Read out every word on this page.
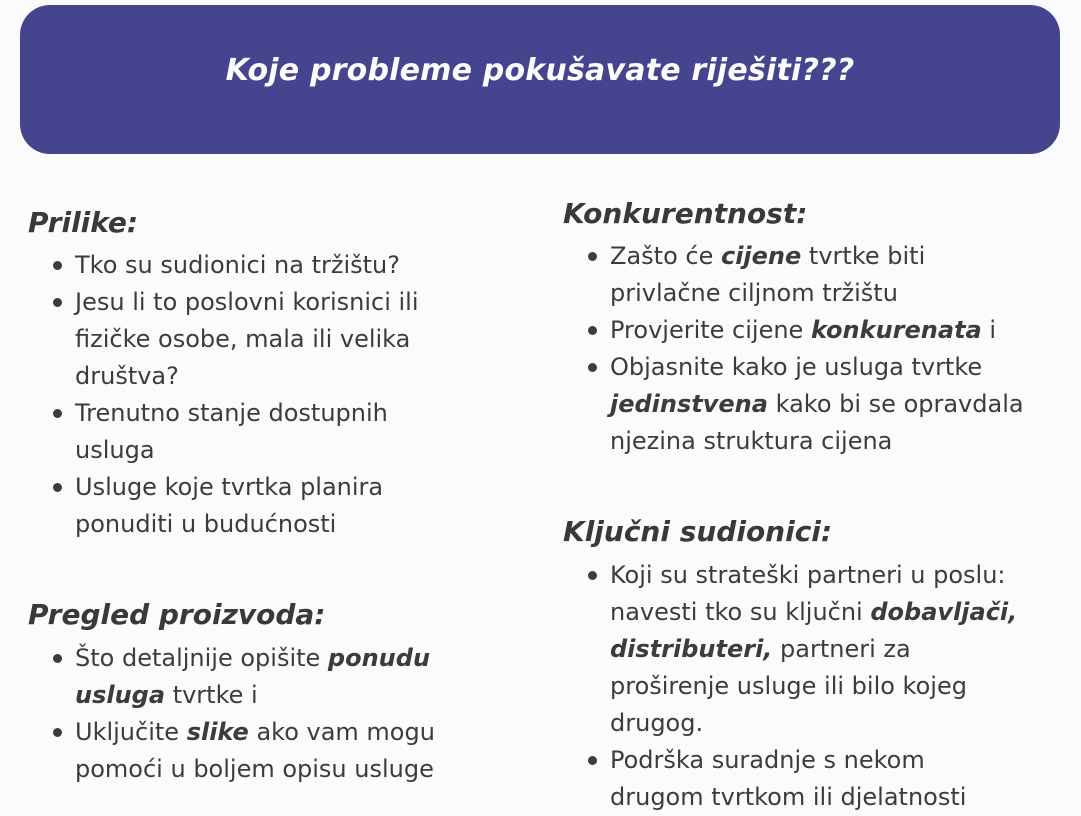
Koje probleme pokušavate riješiti???
Prilike:
Tko su sudionici na tržištu?
Jesu li to poslovni korisnici ili fizičke osobe, mala ili velika društva?
Trenutno stanje dostupnih usluga
Usluge koje tvrtka planira ponuditi u budućnosti
Pregled proizvoda:
Što detaljnije opišite ponudu usluga tvrtke i
Uključite slike ako vam mogu pomoći u boljem opisu usluge
Konkurentnost:
Zašto će cijene tvrtke biti privlačne ciljnom tržištu
Provjerite cijene konkurenata i
Objasnite kako je usluga tvrtke jedinstvena kako bi se opravdala njezina struktura cijena
Ključni sudionici:
Koji su strateški partneri u poslu: navesti tko su ključni dobavljači, distributeri, partneri za proširenje usluge ili bilo kojeg drugog.
Podrška suradnje s nekom drugom tvrtkom ili djelatnosti
